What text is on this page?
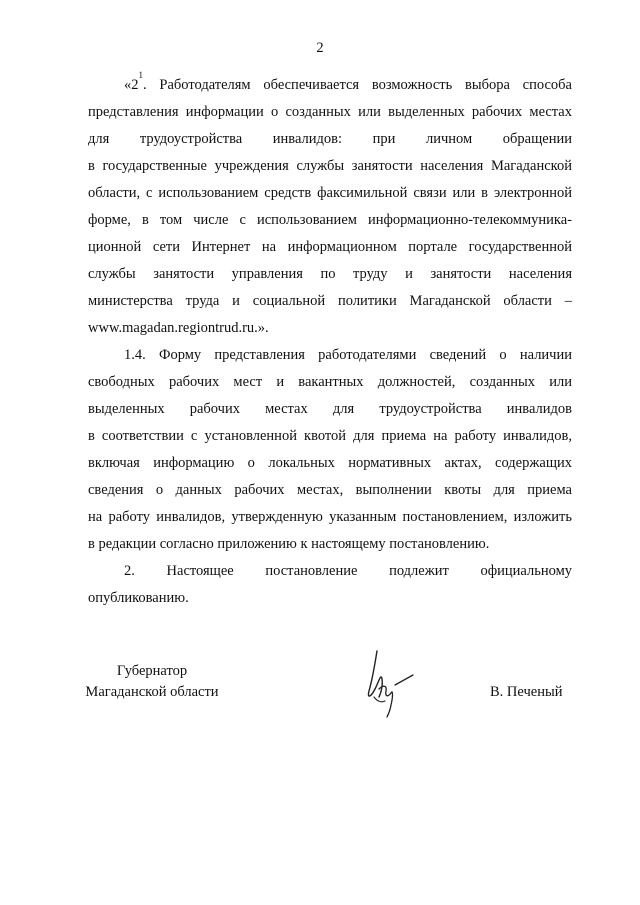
2
«$2^1$. Работодателям обеспечивается возможность выбора способа
представления информации о созданных или выделенных рабочих местах
для трудоустройства инвалидов: при личном обращении
в государственные учреждения службы занятости населения Магаданской
области, с использованием средств факсимильной связи или в электронной
форме, в том числе с использованием информационно-телекоммуника-
ционной сети Интернет на информационном портале государственной
службы занятости управления по труду и занятости населения
министерства труда и социальной политики Магаданской области –
www.magadan.regiontrud.ru.».
1.4. Форму представления работодателями сведений о наличии
свободных рабочих мест и вакантных должностей, созданных или
выделенных рабочих местах для трудоустройства инвалидов
в соответствии с установленной квотой для приема на работу инвалидов,
включая информацию о локальных нормативных актах, содержащих
сведения о данных рабочих местах, выполнении квоты для приема
на работу инвалидов, утвержденную указанным постановлением, изложить
в редакции согласно приложению к настоящему постановлению.
2. Настоящее постановление подлежит официальному
опубликованию.
Губернатор
Магаданской области	В. Печеный
